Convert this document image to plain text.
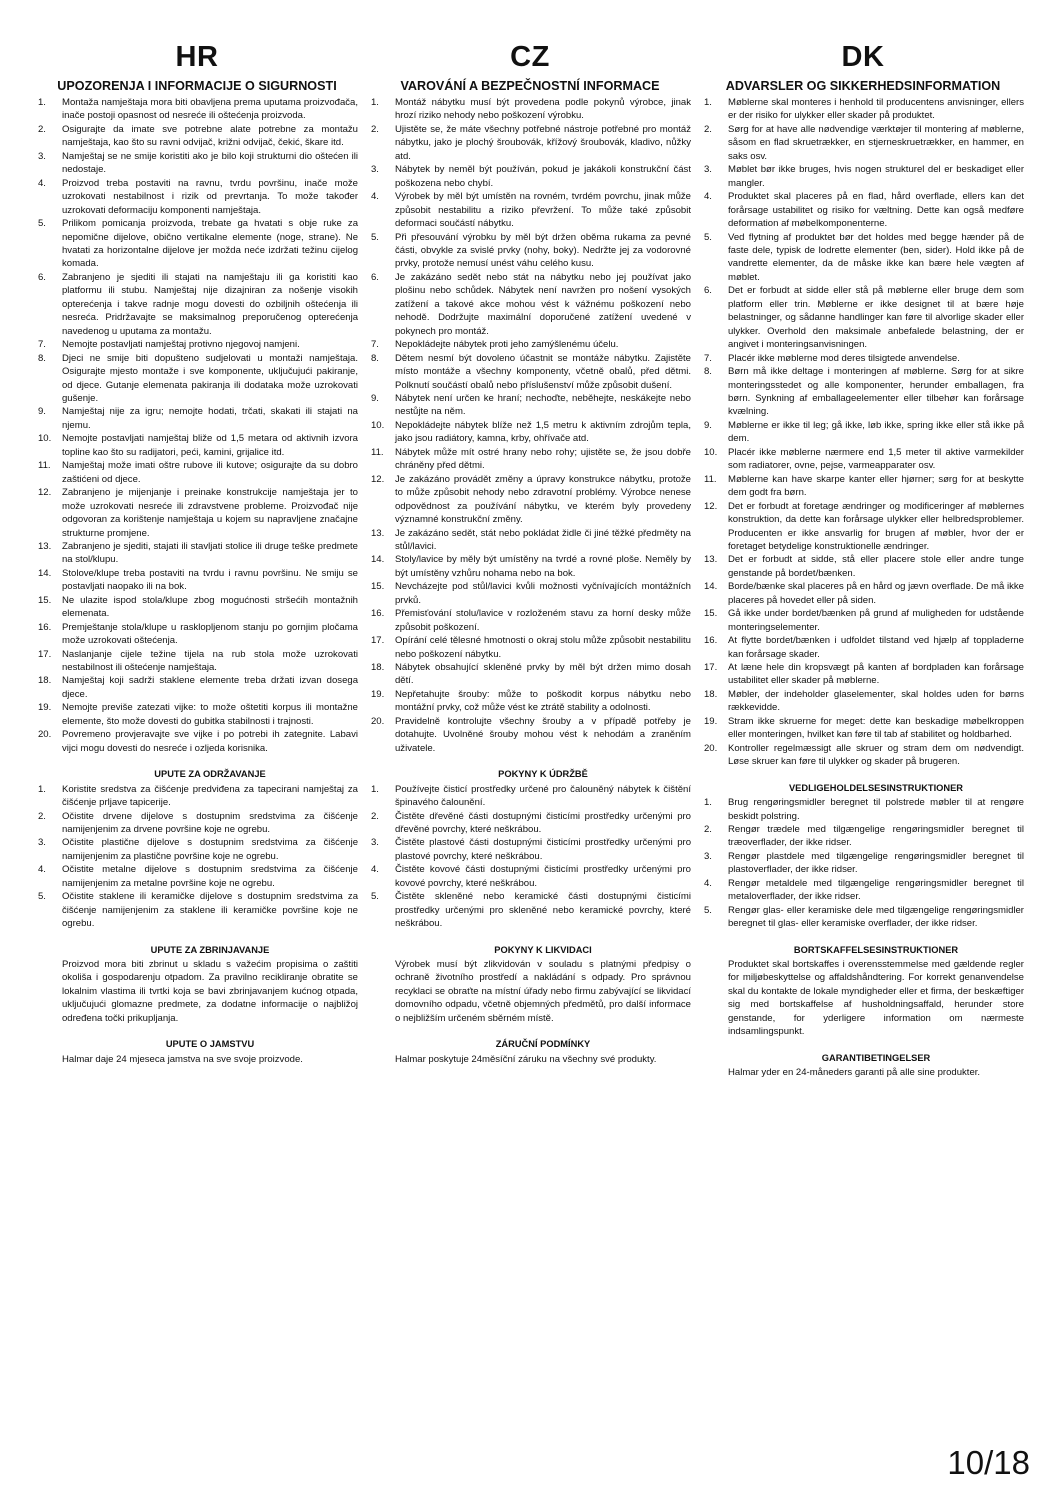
HR
UPOZORENJA I INFORMACIJE O SIGURNOSTI
1. Montaža namještaja mora biti obavljena prema uputama proizvođača, inače postoji opasnost od nesreće ili oštećenja proizvoda.
2. Osigurajte da imate sve potrebne alate potrebne za montažu namještaja, kao što su ravni odvijač, križni odvijač, čekić, škare itd.
3. Namještaj se ne smije koristiti ako je bilo koji strukturni dio oštećen ili nedostaje.
4. Proizvod treba postaviti na ravnu, tvrdu površinu, inače može uzrokovati nestabilnost i rizik od prevrtanja. To može također uzrokovati deformaciju komponenti namještaja.
5. Prilikom pomicanja proizvoda, trebate ga hvatati s obje ruke za nepomične dijelove, obično vertikalne elemente (noge, strane). Ne hvatati za horizontalne dijelove jer možda neće izdržati težinu cijelog komada.
6. Zabranjeno je sjediti ili stajati na namještaju ili ga koristiti kao platformu ili stubu. Namještaj nije dizajniran za nošenje visokih opterećenja i takve radnje mogu dovesti do ozbiljnih oštećenja ili nesreća. Pridržavajte se maksimalnog preporučenog opterećenja navedenog u uputama za montažu.
7. Nemojte postavljati namještaj protivno njegovoj namjeni.
8. Djeci ne smije biti dopušteno sudjelovati u montaži namještaja. Osigurajte mjesto montaže i sve komponente, uključujući pakiranje, od djece. Gutanje elemenata pakiranja ili dodataka može uzrokovati gušenje.
9. Namještaj nije za igru; nemojte hodati, trčati, skakati ili stajati na njemu.
10. Nemojte postavljati namještaj bliže od 1,5 metara od aktivnih izvora topline kao što su radijatori, peći, kamini, grijalice itd.
11. Namještaj može imati oštre rubove ili kutove; osigurajte da su dobro zaštićeni od djece.
12. Zabranjeno je mijenjanje i preinake konstrukcije namještaja jer to može uzrokovati nesreće ili zdravstvene probleme. Proizvođač nije odgovoran za korištenje namještaja u kojem su napravljene značajne strukturne promjene.
13. Zabranjeno je sjediti, stajati ili stavljati stolice ili druge teške predmete na stol/klupu.
14. Stolove/klupe treba postaviti na tvrdu i ravnu površinu. Ne smiju se postavljati naopako ili na bok.
15. Ne ulazite ispod stola/klupe zbog mogućnosti stršećih montažnih elemenata.
16. Premještanje stola/klupe u rasklopljenom stanju po gornjim pločama može uzrokovati oštećenja.
17. Naslanjanje cijele težine tijela na rub stola može uzrokovati nestabilnost ili oštećenje namještaja.
18. Namještaj koji sadrži staklene elemente treba držati izvan dosega djece.
19. Nemojte previše zatezati vijke: to može oštetiti korpus ili montažne elemente, što može dovesti do gubitka stabilnosti i trajnosti.
20. Povremeno provjeravajte sve vijke i po potrebi ih zategnite. Labavi vijci mogu dovesti do nesreće i ozljeda korisnika.
UPUTE ZA ODRŽAVANJE
1. Koristite sredstva za čišćenje predviđena za tapecirani namještaj za čišćenje prljave tapicerije.
2. Očistite drvene dijelove s dostupnim sredstvima za čišćenje namijenjenim za drvene površine koje ne ogrebu.
3. Očistite plastične dijelove s dostupnim sredstvima za čišćenje namijenjenim za plastične površine koje ne ogrebu.
4. Očistite metalne dijelove s dostupnim sredstvima za čišćenje namijenjenim za metalne površine koje ne ogrebu.
5. Očistite staklene ili keramičke dijelove s dostupnim sredstvima za čišćenje namijenjenim za staklene ili keramičke površine koje ne ogrebu.
UPUTE ZA ZBRINJAVANJE

Proizvod mora biti zbrinut u skladu s važećim propisima o zaštiti okoliša i gospodarenju otpadom. Za pravilno recikliranje obratite se lokalnim vlastima ili tvrtki koja se bavi zbrinjavanjem kućnog otpada, uključujući glomazne predmete, za dodatne informacije o najbližoj određena točki prikupljanja.

UPUTE O JAMSTVU

Halmar daje 24 mjeseca jamstva na sve svoje proizvode.

CZ
VAROVÁNÍ A BEZPEČNOSTNÍ INFORMACE
1. Montáž nábytku musí být provedena podle pokynů výrobce, jinak hrozí riziko nehody nebo poškození výrobku.
2. Ujistěte se, že máte všechny potřebné nástroje potřebné pro montáž nábytku, jako je plochý šroubovák, křížový šroubovák, kladivo, nůžky atd.
3. Nábytek by neměl být používán, pokud je jakákoli konstrukční část poškozena nebo chybí.
4. Výrobek by měl být umístěn na rovném, tvrdém povrchu, jinak může způsobit nestabilitu a riziko převržení. To může také způsobit deformaci součástí nábytku.
5. Při přesouvání výrobku by měl být držen oběma rukama za pevné části, obvykle za svislé prvky (nohy, boky). Nedržte jej za vodorovné prvky, protože nemusí unést váhu celého kusu.
6. Je zakázáno sedět nebo stát na nábytku nebo jej používat jako plošinu nebo schůdek. Nábytek není navržen pro nošení vysokých zatížení a takové akce mohou vést k vážnému poškození nebo nehodě. Dodržujte maximální doporučené zatížení uvedené v pokynech pro montáž.
7. Nepokládejte nábytek proti jeho zamýšlenému účelu.
8. Dětem nesmí být dovoleno účastnit se montáže nábytku. Zajistěte místo montáže a všechny komponenty, včetně obalů, před dětmi. Polknutí součástí obalů nebo příslušenství může způsobit dušení.
9. Nábytek není určen ke hraní; nechoďte, neběhejte, neskákejte nebo nestůjte na něm.
10. Nepokládejte nábytek blíže než 1,5 metru k aktivním zdrojům tepla, jako jsou radiátory, kamna, krby, ohřívače atd.
11. Nábytek může mít ostré hrany nebo rohy; ujistěte se, že jsou dobře chráněny před dětmi.
12. Je zakázáno provádět změny a úpravy konstrukce nábytku, protože to může způsobit nehody nebo zdravotní problémy. Výrobce nenese odpovědnost za používání nábytku, ve kterém byly provedeny významné konstrukční změny.
13. Je zakázáno sedět, stát nebo pokládat židle či jiné těžké předměty na stůl/lavici.
14. Stoly/lavice by měly být umístěny na tvrdé a rovné ploše. Neměly by být umístěny vzhůru nohama nebo na bok.
15. Nevcházejte pod stůl/lavici kvůli možnosti vyčnívajících montážních prvků.
16. Přemisťování stolu/lavice v rozloženém stavu za horní desky může způsobit poškození.
17. Opírání celé tělesné hmotnosti o okraj stolu může způsobit nestabilitu nebo poškození nábytku.
18. Nábytek obsahující skleněné prvky by měl být držen mimo dosah dětí.
19. Nepřetahujte šrouby: může to poškodit korpus nábytku nebo montážní prvky, což může vést ke ztrátě stability a odolnosti.
20. Pravidelně kontrolujte všechny šrouby a v případě potřeby je dotahujte. Uvolněné šrouby mohou vést k nehodám a zraněním uživatele.
POKYNY K ÚDRŽBĚ
1. Používejte čisticí prostředky určené pro čalouněný nábytek k čištění špinavého čalounění.
2. Čistěte dřevěné části dostupnými čisticími prostředky určenými pro dřevěné povrchy, které neškrábou.
3. Čistěte plastové části dostupnými čisticími prostředky určenými pro plastové povrchy, které neškrábou.
4. Čistěte kovové části dostupnými čisticími prostředky určenými pro kovové povrchy, které neškrábou.
5. Čistěte skleněné nebo keramické části dostupnými čisticími prostředky určenými pro skleněné nebo keramické povrchy, které neškrábou.
POKYNY K LIKVIDACI

Výrobek musí být zlikvidován v souladu s platnými předpisy o ochraně životního prostředí a nakládání s odpady. Pro správnou recyklaci se obraťte na místní úřady nebo firmu zabývající se likvidací domovního odpadu, včetně objemných předmětů, pro další informace o nejbližším určeném sběrném místě.

ZÁRUČNÍ PODMÍNKY

Halmar poskytuje 24měsíční záruku na všechny své produkty.

DK
ADVARSLER OG SIKKERHEDSINFORMATION
1. Møblerne skal monteres i henhold til producentens anvisninger, ellers er der risiko for ulykker eller skader på produktet.
2. Sørg for at have alle nødvendige værktøjer til montering af møblerne, såsom en flad skruetrækker, en stjerneskruetrækker, en hammer, en saks osv.
3. Møblet bør ikke bruges, hvis nogen strukturel del er beskadiget eller mangler.
4. Produktet skal placeres på en flad, hård overflade, ellers kan det forårsage ustabilitet og risiko for væltning. Dette kan også medføre deformation af møbelkomponenterne.
5. Ved flytning af produktet bør det holdes med begge hænder på de faste dele, typisk de lodrette elementer (ben, sider). Hold ikke på de vandrette elementer, da de måske ikke kan bære hele vægten af møblet.
6. Det er forbudt at sidde eller stå på møblerne eller bruge dem som platform eller trin. Møblerne er ikke designet til at bære høje belastninger, og sådanne handlinger kan føre til alvorlige skader eller ulykker. Overhold den maksimale anbefalede belastning, der er angivet i monteringsanvisningen.
7. Placér ikke møblerne mod deres tilsigtede anvendelse.
8. Børn må ikke deltage i monteringen af møblerne. Sørg for at sikre monteringsstedet og alle komponenter, herunder emballagen, fra børn. Synkning af emballageelementer eller tilbehør kan forårsage kvælning.
9. Møblerne er ikke til leg; gå ikke, løb ikke, spring ikke eller stå ikke på dem.
10. Placér ikke møblerne nærmere end 1,5 meter til aktive varmekilder som radiatorer, ovne, pejse, varmeapparater osv.
11. Møblerne kan have skarpe kanter eller hjørner; sørg for at beskytte dem godt fra børn.
12. Det er forbudt at foretage ændringer og modificeringer af møblernes konstruktion, da dette kan forårsage ulykker eller helbredsproblemer. Producenten er ikke ansvarlig for brugen af møbler, hvor der er foretaget betydelige konstruktionelle ændringer.
13. Det er forbudt at sidde, stå eller placere stole eller andre tunge genstande på bordet/bænken.
14. Borde/bænke skal placeres på en hård og jævn overflade. De må ikke placeres på hovedet eller på siden.
15. Gå ikke under bordet/bænken på grund af muligheden for udstående monteringselementer.
16. At flytte bordet/bænken i udfoldet tilstand ved hjælp af toppladerne kan forårsage skader.
17. At læne hele din kropsvægt på kanten af bordpladen kan forårsage ustabilitet eller skader på møblerne.
18. Møbler, der indeholder glaselementer, skal holdes uden for børns rækkevidde.
19. Stram ikke skruerne for meget: dette kan beskadige møbelkroppen eller monteringen, hvilket kan føre til tab af stabilitet og holdbarhed.
20. Kontroller regelmæssigt alle skruer og stram dem om nødvendigt. Løse skruer kan føre til ulykker og skader på brugeren.
VEDLIGEHOLDELSESINSTRUKTIONER
1. Brug rengøringsmidler beregnet til polstrede møbler til at rengøre beskidt polstring.
2. Rengør trædele med tilgængelige rengøringsmidler beregnet til træoverflader, der ikke ridser.
3. Rengør plastdele med tilgængelige rengøringsmidler beregnet til plastoverflader, der ikke ridser.
4. Rengør metaldele med tilgængelige rengøringsmidler beregnet til metaloverflader, der ikke ridser.
5. Rengør glas- eller keramiske dele med tilgængelige rengøringsmidler beregnet til glas- eller keramiske overflader, der ikke ridser.
BORTSKAFFELSESINSTRUKTIONER

Produktet skal bortskaffes i overensstemmelse med gældende regler for miljøbeskyttelse og affaldshåndtering. For korrekt genanvendelse skal du kontakte de lokale myndigheder eller et firma, der beskæftiger sig med bortskaffelse af husholdningsaffald, herunder store genstande, for yderligere information om nærmeste indsamlingspunkt.

GARANTIBETINGELSER

Halmar yder en 24-måneders garanti på alle sine produkter.

10/18
